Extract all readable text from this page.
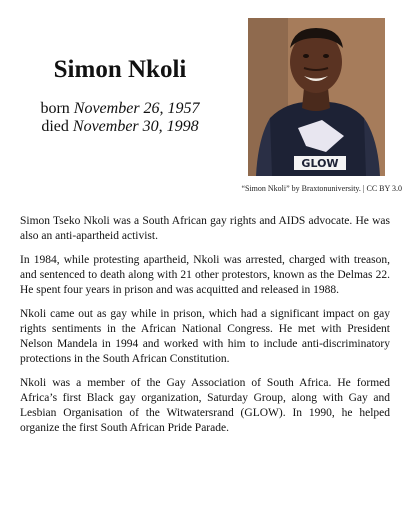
Simon Nkoli
born November 26, 1957
died November 30, 1998
GLOW
“Simon Nkoli” by Braxtonuniversity. | CC BY 3.0

Simon Tseko Nkoli was a South African gay rights and AIDS advocate. He was also an anti-apartheid activist.

In 1984, while protesting apartheid, Nkoli was arrested, charged with treason, and sentenced to death along with 21 other protestors, known as the Delmas 22. He spent four years in prison and was acquitted and released in 1988.

Nkoli came out as gay while in prison, which had a significant impact on gay rights sentiments in the African National Congress. He met with President Nelson Mandela in 1994 and worked with him to include anti-discriminatory protections in the South African Constitution.

Nkoli was a member of the Gay Association of South Africa. He formed Africa’s first Black gay organization, Saturday Group, along with Gay and Lesbian Organisation of the Witwatersrand (GLOW). In 1990, he helped organize the first South African Pride Parade.
